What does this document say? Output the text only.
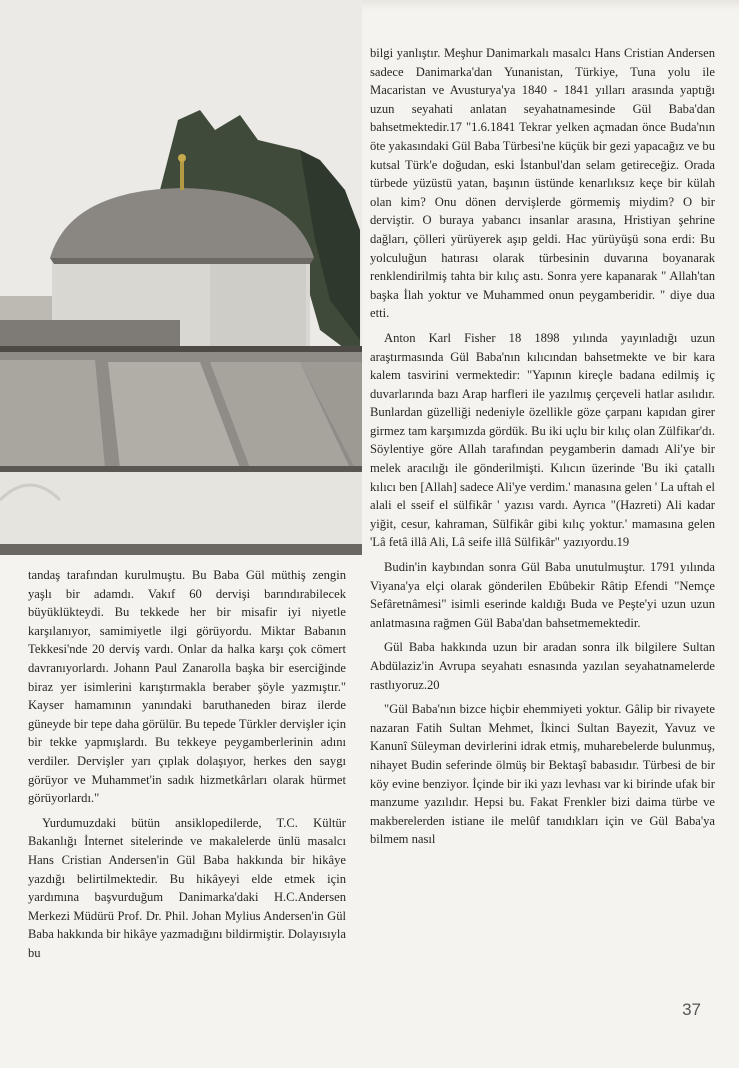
tandaş tarafından kurulmuştu. Bu Baba Gül müthiş zengin yaşlı bir adamdı. Vakıf 60 dervişi barındırabilecek büyüklükteydi. Bu tekkede her bir misafir iyi niyetle karşılanıyor, samimiyetle ilgi görüyordu. Miktar Babanın Tekkesi'nde 20 derviş vardı. Onlar da halka karşı çok cömert davranıyorlardı. Johann Paul Zanarolla başka bir eserciğinde biraz yer isimlerini karıştırmakla beraber şöyle yazmıştır." Kayser hamamının yanındaki baruthaneden biraz ilerde güneyde bir tepe daha görülür. Bu tepede Türkler dervişler için bir tekke yapmışlardı. Bu tekkeye peygamberlerinin adını verdiler. Dervişler yarı çıplak dolaşıyor, herkes den saygı görüyor ve Muhammet'in sadık hizmetkârları olarak hürmet görüyorlardı."

Yurdumuzdaki bütün ansiklopedilerde, T.C. Kültür Bakanlığı İnternet sitelerinde ve makalelerde ünlü masalcı Hans Cristian Andersen'in Gül Baba hakkında bir hikâye yazdığı belirtilmektedir. Bu hikâyeyi elde etmek için yardımına başvurduğum Danimarka'daki H.C.Andersen Merkezi Müdürü Prof. Dr. Phil. Johan Mylius Andersen'in Gül Baba hakkında bir hikâye yazmadığını bildirmiştir. Dolayısıyla bu

bilgi yanlıştır. Meşhur Danimarkalı masalcı Hans Cristian Andersen sadece Danimarka'dan Yunanistan, Türkiye, Tuna yolu ile Macaristan ve Avusturya'ya 1840 - 1841 yılları arasında yaptığı uzun seyahati anlatan seyahatnamesinde Gül Baba'dan bahsetmektedir.17 "1.6.1841 Tekrar yelken açmadan önce Buda'nın öte yakasındaki Gül Baba Türbesi'ne küçük bir gezi yapacağız ve bu kutsal Türk'e doğudan, eski İstanbul'dan selam getireceğiz. Orada türbede yüzüstü yatan, başının üstünde kenarlıksız keçe bir külah olan kim? Onu dönen dervişlerde görmemiş miydim? O bir derviştir. O buraya yabancı insanlar arasına, Hristiyan şehrine dağları, çölleri yürüyerek aşıp geldi. Hac yürüyüşü sona erdi: Bu yolculuğun hatırası olarak türbesinin duvarına boyanarak renklendirilmiş tahta bir kılıç astı. Sonra yere kapanarak " Allah'tan başka İlah yoktur ve Muhammed onun peygamberidir. " diye dua etti.

Anton Karl Fisher 18 1898 yılında yayınladığı uzun araştırmasında Gül Baba'nın kılıcından bahsetmekte ve bir kara kalem tasvirini vermektedir: "Yapının kireçle badana edilmiş iç duvarlarında bazı Arap harfleri ile yazılmış çerçeveli hatlar asılıdır. Bunlardan güzelliği nedeniyle özellikle göze çarpanı kapıdan girer girmez tam karşımızda gördük. Bu iki uçlu bir kılıç olan Zülfikar'dı. Söylentiye göre Allah tarafından peygamberin damadı Ali'ye bir melek aracılığı ile gönderilmişti. Kılıcın üzerinde 'Bu iki çatallı kılıcı ben [Allah] sadece Ali'ye verdim.' manasına gelen ' La uftah el alali el sseif el sülfikâr ' yazısı vardı. Ayrıca "(Hazreti) Ali kadar yiğit, cesur, kahraman, Sülfikâr gibi kılıç yoktur.' mamasına gelen 'Lâ fetâ illâ Ali, Lâ seife illâ Sülfikâr" yazıyordu.19

Budin'in kaybından sonra Gül Baba unutulmuştur. 1791 yılında Viyana'ya elçi olarak gönderilen Ebûbekir Râtip Efendi "Nemçe Sefâretnâmesi" isimli eserinde kaldığı Buda ve Peşte'yi uzun uzun anlatmasına rağmen Gül Baba'dan bahsetmemektedir.

Gül Baba hakkında uzun bir aradan sonra ilk bilgilere Sultan Abdülaziz'in Avrupa seyahatı esnasında yazılan seyahatnamelerde rastlıyoruz.20

"Gül Baba'nın bizce hiçbir ehemmiyeti yoktur. Gâlip bir rivayete nazaran Fatih Sultan Mehmet, İkinci Sultan Bayezit, Yavuz ve Kanunî Süleyman devirlerini idrak etmiş, muharebelerde bulunmuş, nihayet Budin seferinde ölmüş bir Bektaşî babasıdır. Türbesi de bir köy evine benziyor. İçinde bir iki yazı levhası var ki birinde ufak bir manzume yazılıdır. Hepsi bu. Fakat Frenkler bizi daima türbe ve makberelerden istiane ile melûf tanıdıkları için ve Gül Baba'ya bilmem nasıl

37
